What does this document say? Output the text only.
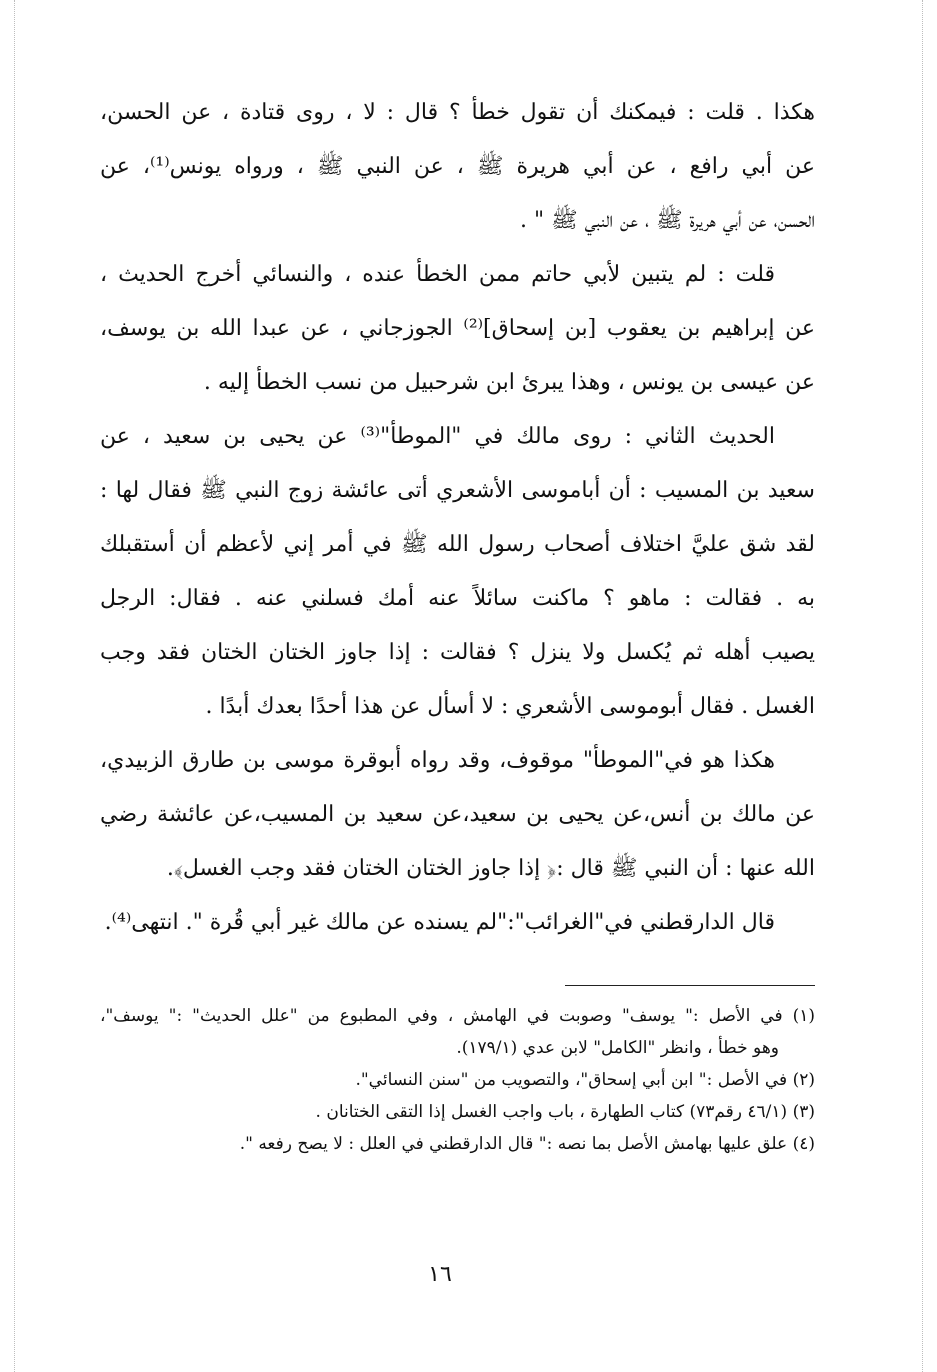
هكذا . قلت : فيمكنك أن تقول خطأ ؟ قال : لا ، روى قتادة ، عن الحسن،
عن أبي رافع ، عن أبي هريرة ﷺ ، عن النبي ﷺ ، ورواه يونس⁽¹⁾، عن
الحسن، عن أبي هريرة ﷺ ، عن النبي ﷺ " .
قلت : لم يتبين لأبي حاتم ممن الخطأ عنده ، والنسائي أخرج الحديث ،
عن إبراهيم بن يعقوب [بن إسحاق]⁽²⁾ الجوزجاني ، عن عبدا الله بن يوسف،
عن عيسى بن يونس ، وهذا يبرئ ابن شرحبيل من نسب الخطأ إليه .
الحديث الثاني : روى مالك في "الموطأ"⁽³⁾ عن يحيى بن سعيد ، عن
سعيد بن المسيب : أن أباموسى الأشعري أتى عائشة زوج النبي ﷺ فقال لها :
لقد شق عليَّ اختلاف أصحاب رسول الله ﷺ في أمر إني لأعظم أن أستقبلك
به . فقالت : ماهو ؟ ماكنت سائلاً عنه أمك فسلني عنه . فقال: الرجل
يصيب أهله ثم يُكسل ولا ينزل ؟ فقالت : إذا جاوز الختان الختان فقد وجب
الغسل . فقال أبوموسى الأشعري : لا أسأل عن هذا أحدًا بعدك أبدًا .
هكذا هو في"الموطأ" موقوف، وقد رواه أبوقرة موسى بن طارق الزبيدي،
عن مالك بن أنس،عن يحيى بن سعيد،عن سعيد بن المسيب،عن عائشة رضي
الله عنها : أن النبي ﷺ قال :﴿ إذا جاوز الختان الختان فقد وجب الغسل﴾.
قال الدارقطني في"الغرائب":"لم يسنده عن مالك غير أبي قُرة ". انتهى⁽⁴⁾.
(١) في الأصل :" يوسف" وصوبت في الهامش ، وفي المطبوع من "علل الحديث" :" يوسف"،
وهو خطأ ، وانظر "الكامل" لابن عدي (١٧٩/١).
(٢) في الأصل :" ابن أبي إسحاق"، والتصويب من "سنن النسائي".
(٣) (٤٦/١ رقم٧٣) كتاب الطهارة ، باب واجب الغسل إذا التقى الختانان .
(٤) علق عليها بهامش الأصل بما نصه :" قال الدارقطني في العلل : لا يصح رفعه ".
١٦
